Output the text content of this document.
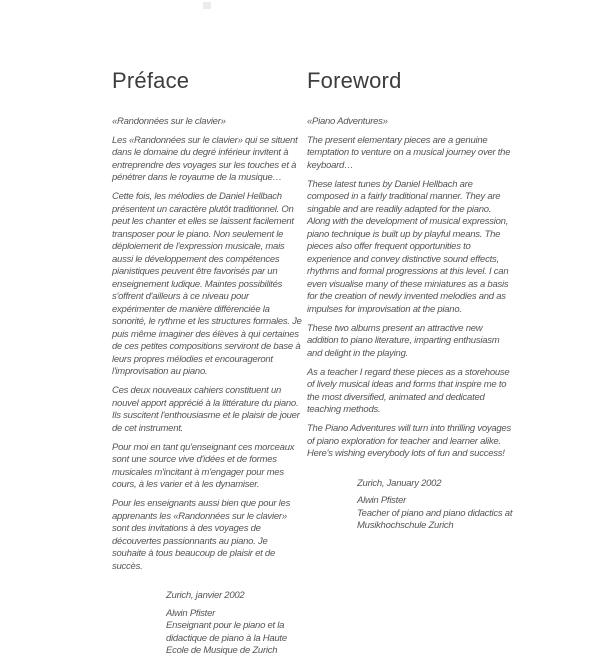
Préface

«Randonnées sur le clavier»

Les «Randonnées sur le clavier» qui se situent dans le domaine du degré inférieur invitent à entreprendre des voyages sur les touches et à pénétrer dans le royaume de la musique…

Cette fois, les mélodies de Daniel Hellbach présentent un caractère plutôt traditionnel. On peut les chanter et elles se laissent facilement transposer pour le piano. Non seulement le déploiement de l'expression musicale, mais aussi le développement des compétences pianistiques peuvent être favorisés par un enseignement ludique. Maintes possibilités s'offrent d'ailleurs à ce niveau pour expérimenter de manière différenciée la sonorité, le rythme et les structures formales. Je puis même imaginer des élèves à qui certaines de ces petites compositions serviront de base à leurs propres mélodies et encourageront l'improvisation au piano.

Ces deux nouveaux cahiers constituent un nouvel apport apprécié à la littérature du piano. Ils suscitent l'enthousiasme et le plaisir de jouer de cet instrument.

Pour moi en tant qu'enseignant ces morceaux sont une source vive d'idées et de formes musicales m'incitant à m'engager pour mes cours, à les varier et à les dynamiser.

Pour les enseignants aussi bien que pour les apprenants les «Randonnées sur le clavier» sont des invitations à des voyages de découvertes passionnants au piano. Je souhaite à tous beaucoup de plaisir et de succès.

Zurich, janvier 2002

Alwin Pfister

Enseignant pour le piano et la didactique de piano à la Haute Ecole de Musique de Zurich

Foreword

«Piano Adventures»

The present elementary pieces are a genuine temptation to venture on a musical journey over the keyboard…

These latest tunes by Daniel Hellbach are composed in a fairly traditional manner. They are singable and are readily adapted for the piano. Along with the development of musical expression, piano technique is built up by playful means. The pieces also offer frequent opportunities to experience and convey distinctive sound effects, rhythms and formal progressions at this level. I can even visualise many of these miniatures as a basis for the creation of newly invented melodies and as impulses for improvisation at the piano.

These two albums present an attractive new addition to piano literature, imparting enthusiasm and delight in the playing.

As a teacher I regard these pieces as a storehouse of lively musical ideas and forms that inspire me to the most diversified, animated and dedicated teaching methods.

The Piano Adventures will turn into thrilling voyages of piano exploration for teacher and learner alike. Here's wishing everybody lots of fun and success!

Zurich, January 2002

Alwin Pfister

Teacher of piano and piano didactics at Musikhochschule Zurich
